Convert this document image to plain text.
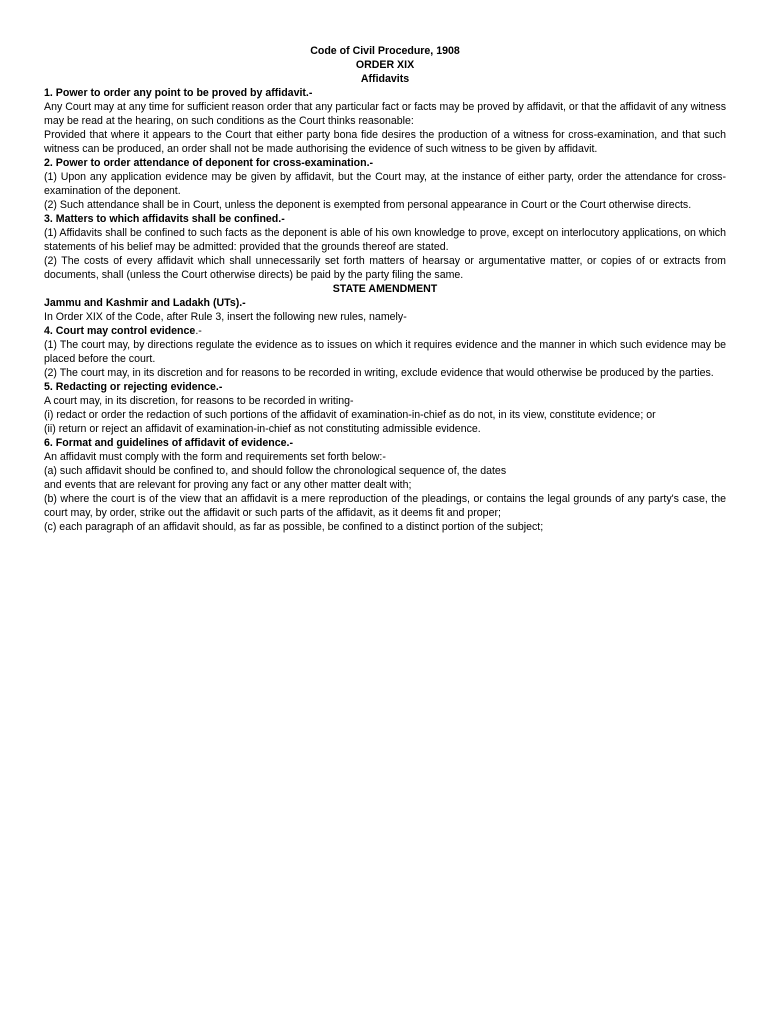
Code of Civil Procedure, 1908
ORDER XIX
Affidavits
1. Power to order any point to be proved by affidavit.-
Any Court may at any time for sufficient reason order that any particular fact or facts may be proved by affidavit, or that the affidavit of any witness may be read at the hearing, on such conditions as the Court thinks reasonable:
Provided that where it appears to the Court that either party bona fide desires the production of a witness for cross-examination, and that such witness can be produced, an order shall not be made authorising the evidence of such witness to be given by affidavit.
2. Power to order attendance of deponent for cross-examination.-
(1) Upon any application evidence may be given by affidavit, but the Court may, at the instance of either party, order the attendance for cross-examination of the deponent.
(2) Such attendance shall be in Court, unless the deponent is exempted from personal appearance in Court or the Court otherwise directs.
3. Matters to which affidavits shall be confined.-
(1) Affidavits shall be confined to such facts as the deponent is able of his own knowledge to prove, except on interlocutory applications, on which statements of his belief may be admitted: provided that the grounds thereof are stated.
(2) The costs of every affidavit which shall unnecessarily set forth matters of hearsay or argumentative matter, or copies of or extracts from documents, shall (unless the Court otherwise directs) be paid by the party filing the same.
STATE AMENDMENT
Jammu and Kashmir and Ladakh (UTs).-
In Order XIX of the Code, after Rule 3, insert the following new rules, namely-
4. Court may control evidence.-
(1) The court may, by directions regulate the evidence as to issues on which it requires evidence and the manner in which such evidence may be placed before the court.
(2) The court may, in its discretion and for reasons to be recorded in writing, exclude evidence that would otherwise be produced by the parties.
5. Redacting or rejecting evidence.-
A court may, in its discretion, for reasons to be recorded in writing-
(i) redact or order the redaction of such portions of the affidavit of examination-in-chief as do not, in its view, constitute evidence; or
(ii) return or reject an affidavit of examination-in-chief as not constituting admissible evidence.
6. Format and guidelines of affidavit of evidence.-
An affidavit must comply with the form and requirements set forth below:-
(a) such affidavit should be confined to, and should follow the chronological sequence of, the dates
and events that are relevant for proving any fact or any other matter dealt with;
(b) where the court is of the view that an affidavit is a mere reproduction of the pleadings, or contains the legal grounds of any party's case, the court may, by order, strike out the affidavit or such parts of the affidavit, as it deems fit and proper;
(c) each paragraph of an affidavit should, as far as possible, be confined to a distinct portion of the subject;
